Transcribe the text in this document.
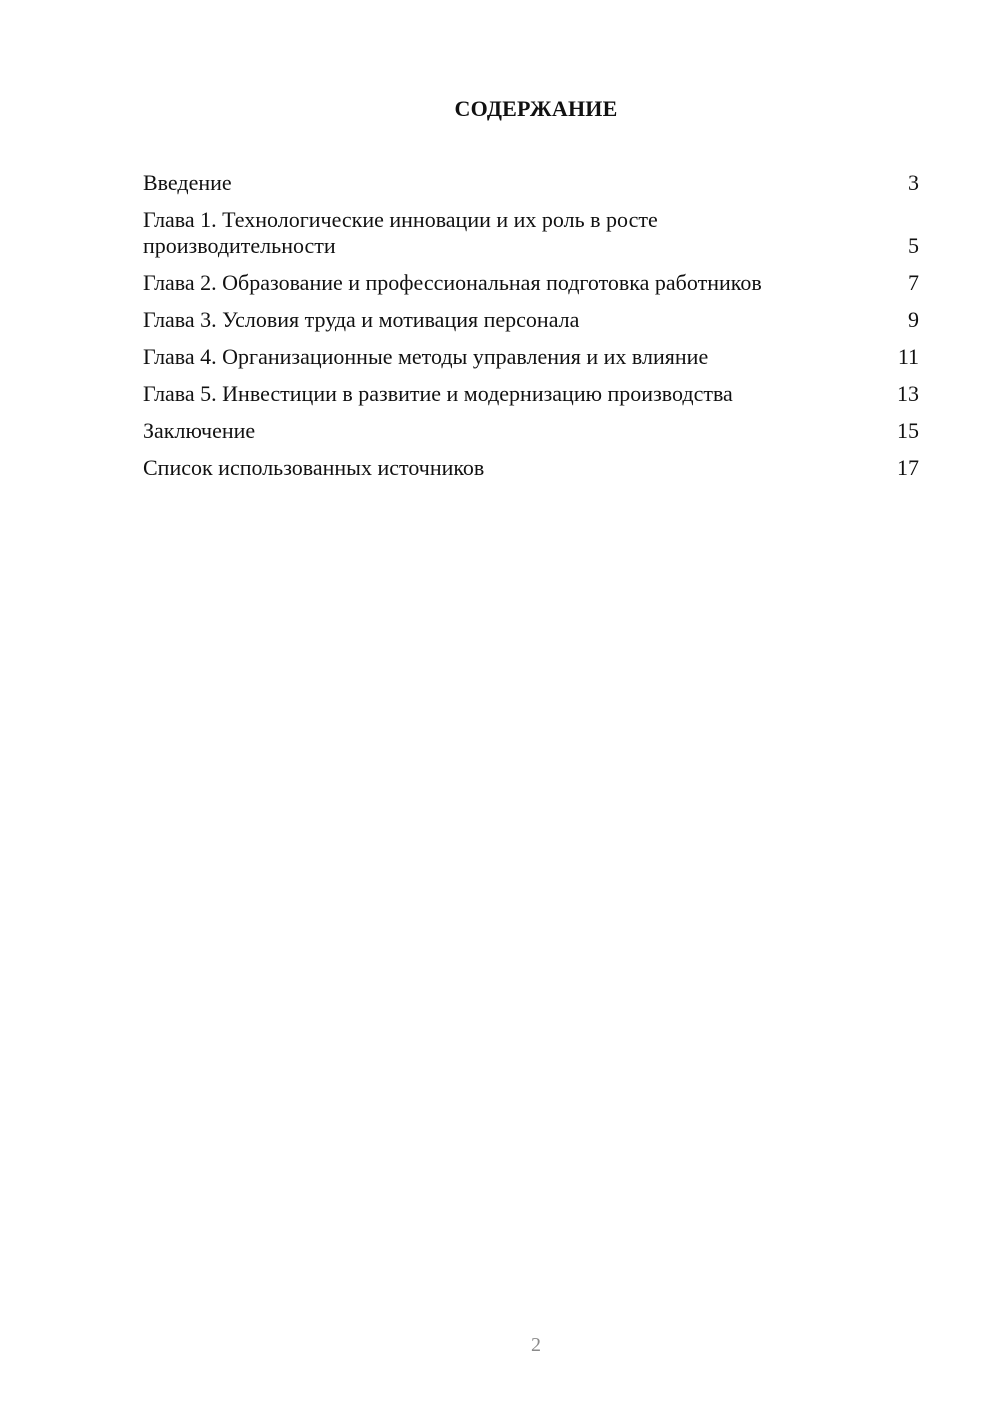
СОДЕРЖАНИЕ
Введение	3
Глава 1. Технологические инновации и их роль в росте производительности	5
Глава 2. Образование и профессиональная подготовка работников	7
Глава 3. Условия труда и мотивация персонала	9
Глава 4. Организационные методы управления и их влияние	11
Глава 5. Инвестиции в развитие и модернизацию производства	13
Заключение	15
Список использованных источников	17
2
